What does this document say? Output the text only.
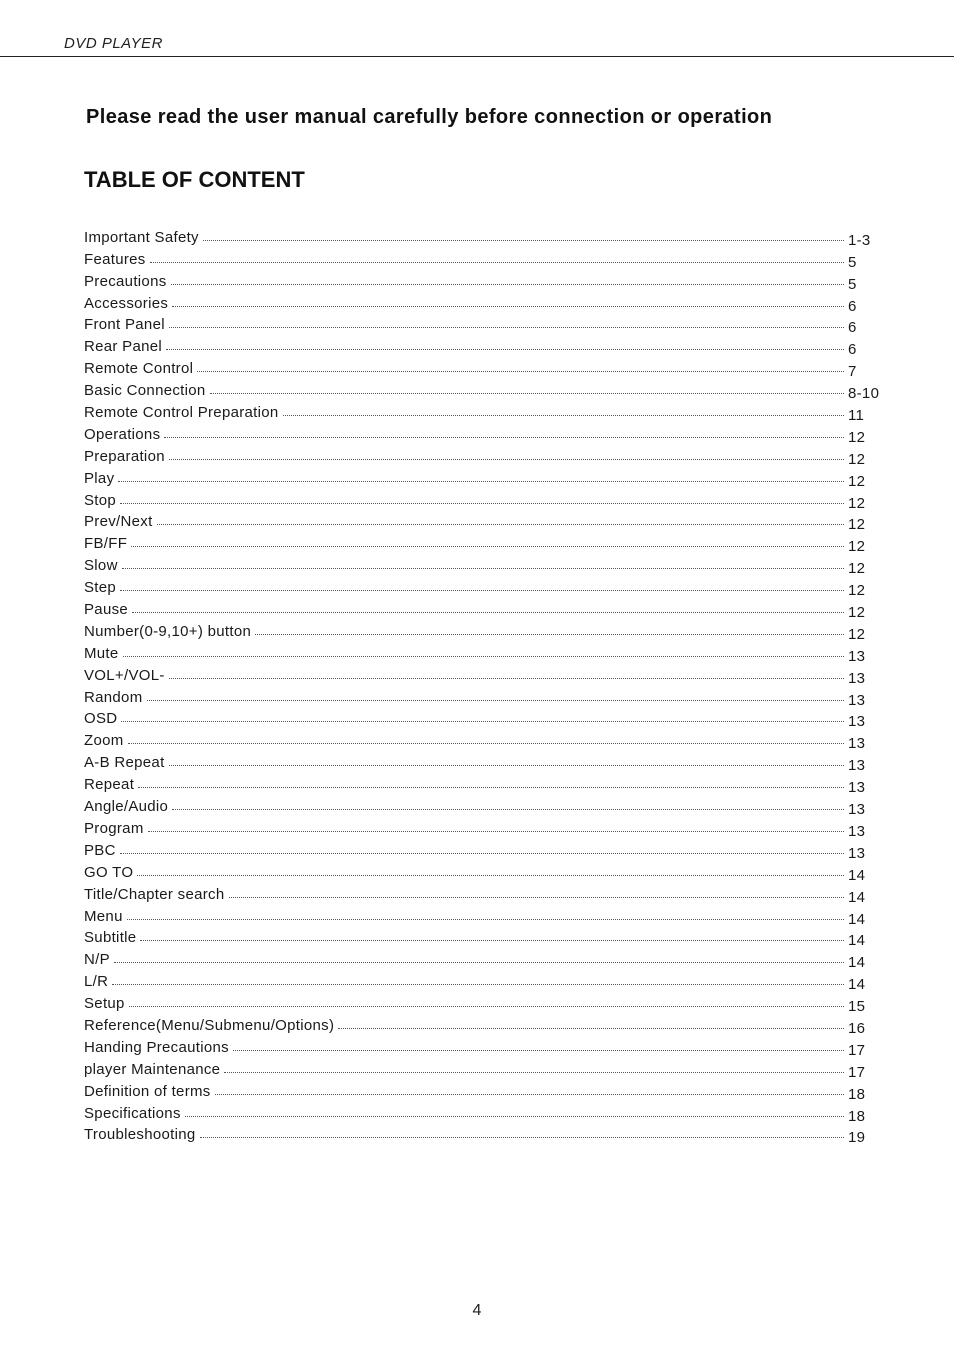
DVD PLAYER
Please read the user manual carefully before connection or operation
TABLE OF CONTENT
Important Safety	1-3
Features	5
Precautions	5
Accessories	6
Front Panel	6
Rear Panel	6
Remote Control	7
Basic Connection	8-10
Remote Control Preparation	11
Operations	12
Preparation	12
Play	12
Stop	12
Prev/Next	12
FB/FF	12
Slow	12
Step	12
Pause	12
Number(0-9,10+) button	12
Mute	13
VOL+/VOL-	13
Random	13
OSD	13
Zoom	13
A-B Repeat	13
Repeat	13
Angle/Audio	13
Program	13
PBC	13
GO TO	14
Title/Chapter search	14
Menu	14
Subtitle	14
N/P	14
L/R	14
Setup	15
Reference(Menu/Submenu/Options)	16
Handing Precautions	17
player Maintenance	17
Definition of terms	18
Specifications	18
Troubleshooting	19
4
